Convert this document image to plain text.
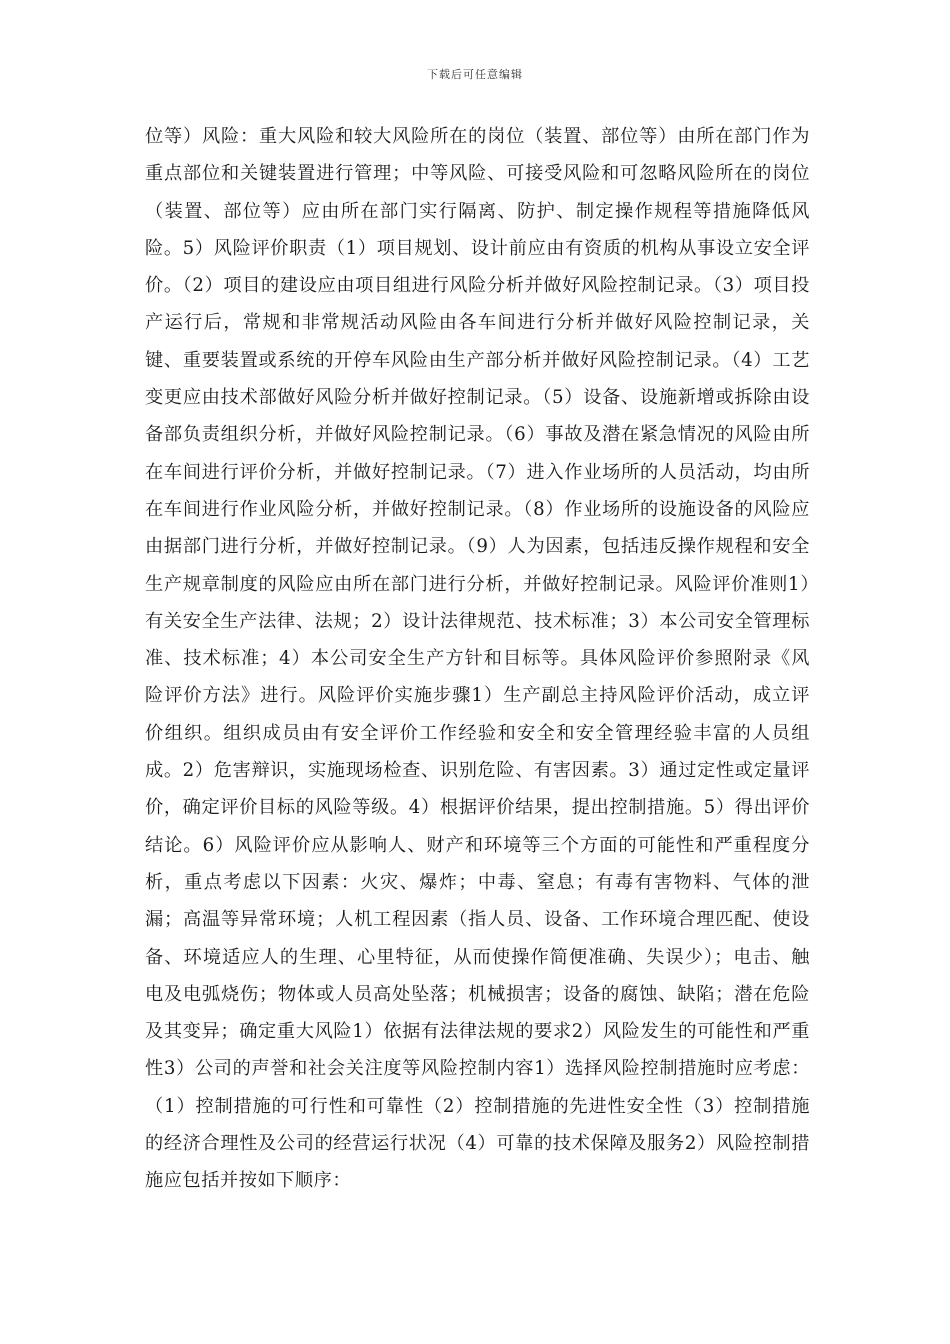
下载后可任意编辑

位等）风险：重大风险和较大风险所在的岗位（装置、部位等）由所在部门作为重点部位和关键装置进行管理；中等风险、可接受风险和可忽略风险所在的岗位（装置、部位等）应由所在部门实行隔离、防护、制定操作规程等措施降低风险。5）风险评价职责（1）项目规划、设计前应由有资质的机构从事设立安全评价。（2）项目的建设应由项目组进行风险分析并做好风险控制记录。（3）项目投产运行后，常规和非常规活动风险由各车间进行分析并做好风险控制记录，关键、重要装置或系统的开停车风险由生产部分析并做好风险控制记录。（4）工艺变更应由技术部做好风险分析并做好控制记录。（5）设备、设施新增或拆除由设备部负责组织分析，并做好风险控制记录。（6）事故及潜在紧急情况的风险由所在车间进行评价分析，并做好控制记录。（7）进入作业场所的人员活动，均由所在车间进行作业风险分析，并做好控制记录。（8）作业场所的设施设备的风险应由据部门进行分析，并做好控制记录。（9）人为因素，包括违反操作规程和安全生产规章制度的风险应由所在部门进行分析，并做好控制记录。风险评价准则1）有关安全生产法律、法规；2）设计法律规范、技术标准；3）本公司安全管理标准、技术标准；4）本公司安全生产方针和目标等。具体风险评价参照附录《风险评价方法》进行。风险评价实施步骤1）生产副总主持风险评价活动，成立评价组织。组织成员由有安全评价工作经验和安全和安全管理经验丰富的人员组成。2）危害辩识，实施现场检查、识别危险、有害因素。3）通过定性或定量评价，确定评价目标的风险等级。4）根据评价结果，提出控制措施。5）得出评价结论。6）风险评价应从影响人、财产和环境等三个方面的可能性和严重程度分析，重点考虑以下因素：火灾、爆炸；中毒、窒息；有毒有害物料、气体的泄漏；高温等异常环境；人机工程因素（指人员、设备、工作环境合理匹配、使设备、环境适应人的生理、心里特征，从而使操作简便准确、失误少）；电击、触电及电弧烧伤；物体或人员高处坠落；机械损害；设备的腐蚀、缺陷；潜在危险及其变异；确定重大风险1）依据有法律法规的要求2）风险发生的可能性和严重性3）公司的声誉和社会关注度等风险控制内容1）选择风险控制措施时应考虑：（1）控制措施的可行性和可靠性（2）控制措施的先进性安全性（3）控制措施的经济合理性及公司的经营运行状况（4）可靠的技术保障及服务2）风险控制措施应包括并按如下顺序：
